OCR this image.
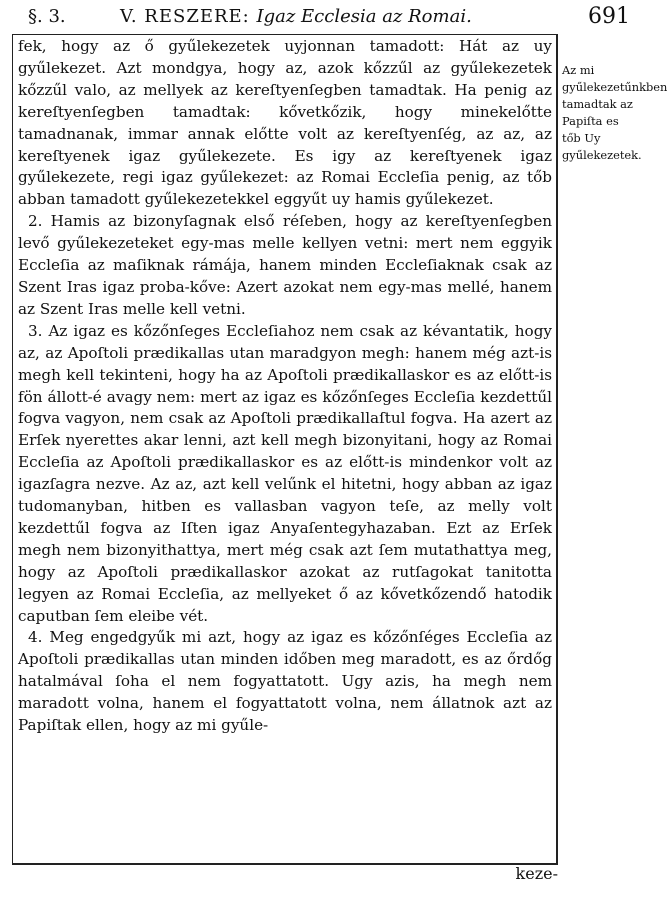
§. 3.	V. RESZERE: Igaz Ecclesia az Romai.	691

fek, hogy az ő gyűlekezetek uyjonnan tamadott: Hát az uy gyűlekezet. Azt mondgya, hogy az, azok kőzzűl az gyűlekezetek kőzzűl valo, az mellyek az kereſtyenſegben tamadtak. Ha penig az kereſtyenſegben tamadtak: kővetkőzik, hogy minekelőtte tamadnanak, immar annak előtte volt az kereſtyenſég, az az, az kereſtyenek igaz gyűlekezete. Es igy az kereſtyenek igaz gyűlekezete, regi igaz gyűlekezet: az Romai Eccleſia penig, az tőb abban tamadott gyűlekezetekkel eggyűt uy hamis gyűlekezet.

2. Hamis az bizonyſagnak első réſeben, hogy az kereſtyenſegben levő gyűlekezeteket egy-mas melle kellyen vetni: mert nem eggyik Eccleſia az maſiknak rámája, hanem minden Eccleſiaknak csak az Szent Iras igaz proba-kőve: Azert azokat nem egy-mas mellé, hanem az Szent Iras melle kell vetni.

3. Az igaz es kőzőnſeges Eccleſiahoz nem csak az kévantatik, hogy az, az Apoſtoli prædikallas utan maradgyon megh: hanem még azt-is megh kell tekinteni, hogy ha az Apoſtoli prædikallaskor es az előtt-is fön állott-é avagy nem: mert az igaz es kőzőnſeges Eccleſia kezdettűl fogva vagyon, nem csak az Apoſtoli prædikallaſtul fogva. Ha azert az Erſek nyerettes akar lenni, azt kell megh bizonyitani, hogy az Romai Eccleſia az Apoſtoli prædikallaskor es az előtt-is mindenkor volt az igazſagra nezve. Az az, azt kell velűnk el hitetni, hogy abban az igaz tudomanyban, hitben es vallasban vagyon teſe, az melly volt kezdettűl fogva az Iſten igaz Anyaſentegyhazaban. Ezt az Erſek megh nem bizonyithattya, mert még csak azt ſem mutathattya meg, hogy az Apoſtoli prædikallaskor azokat az rutſagokat tanitotta legyen az Romai Eccleſia, az mellyeket ő az kővetkőzendő hatodik caputban ſem eleibe vét.

4. Meg engedgyűk mi azt, hogy az igaz es kőzőnſéges Eccleſia az Apoſtoli prædikallas utan minden időben meg maradott, es az őrdőg hatalmával ſoha el nem fogyattatott. Ugy azis, ha megh nem maradott volna, hanem el fogyattatott volna, nem állatnok azt az Papiſtak ellen, hogy az mi gyűle-

Az mi gyűlekezetűnkben tamadtak az Papiſta es tőb Uy gyűlekezetek.
keze-
